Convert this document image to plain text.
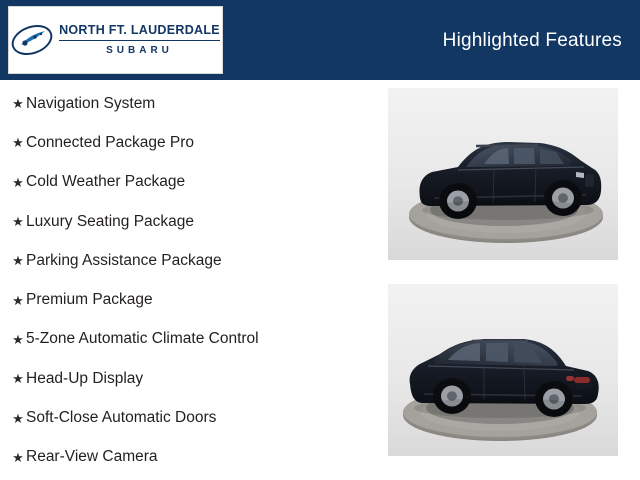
NORTH FT. LAUDERDALE
SUBARU	Highlighted Features
★ Navigation System
★ Connected Package Pro
★ Cold Weather Package
★ Luxury Seating Package
★ Parking Assistance Package
★ Premium Package
★ 5-Zone Automatic Climate Control
★ Head-Up Display
★ Soft-Close Automatic Doors
★ Rear-View Camera
